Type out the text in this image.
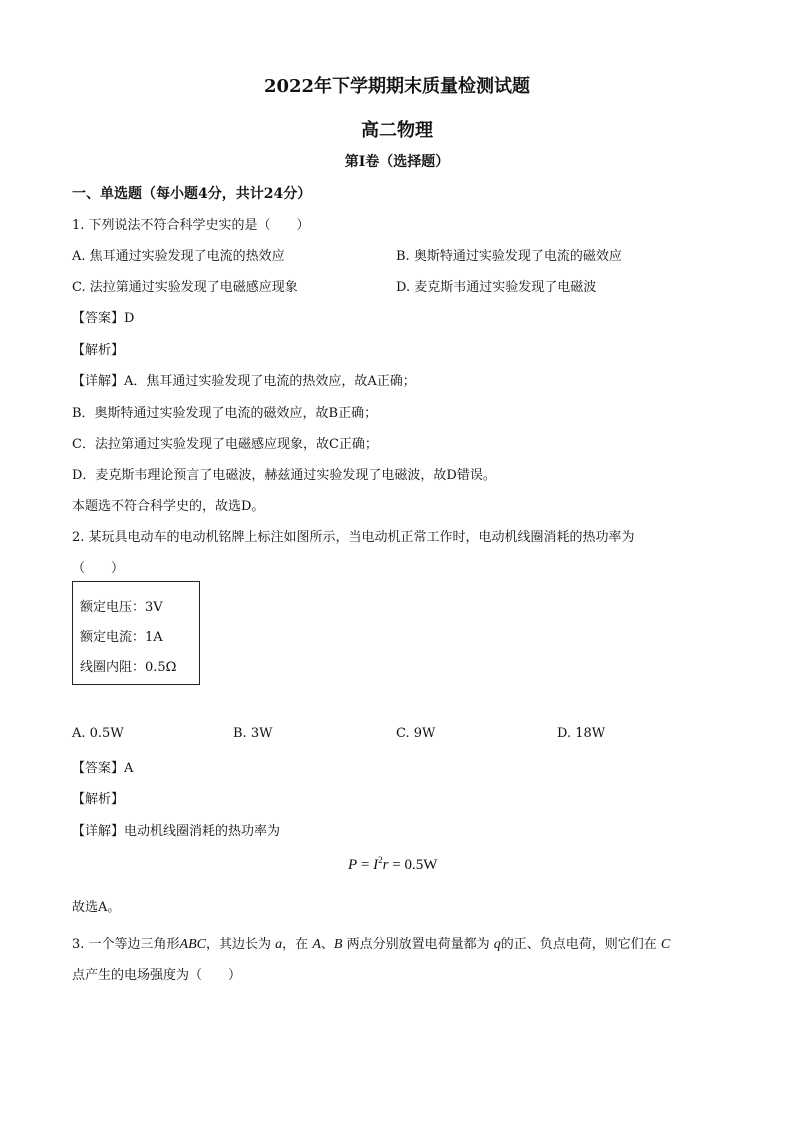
2022年下学期期末质量检测试题
高二物理
第Ⅰ卷（选择题）
一、单选题（每小题4分，共计24分）
1. 下列说法不符合科学史实的是（　　）
A. 焦耳通过实验发现了电流的热效应	B. 奥斯特通过实验发现了电流的磁效应
C. 法拉第通过实验发现了电磁感应现象	D. 麦克斯韦通过实验发现了电磁波
【答案】D
【解析】
【详解】A．焦耳通过实验发现了电流的热效应，故A正确；
B．奥斯特通过实验发现了电流的磁效应，故B正确；
C．法拉第通过实验发现了电磁感应现象，故C正确；
D．麦克斯韦理论预言了电磁波，赫兹通过实验发现了电磁波，故D错误。
本题选不符合科学史的，故选D。
2. 某玩具电动车的电动机铭牌上标注如图所示，当电动机正常工作时，电动机线圈消耗的热功率为
（　　）
额定电压：3V
额定电流：1A
线圈内阻：0.5Ω
A. 0.5W	B. 3W	C. 9W	D. 18W
【答案】A
【解析】
【详解】电动机线圈消耗的热功率为
$P = I^2r = 0.5W$
故选A。
3. 一个等边三角形ABC，其边长为 a，在 A、B 两点分别放置电荷量都为 q的正、负点电荷，则它们在 C
点产生的电场强度为（　　）
